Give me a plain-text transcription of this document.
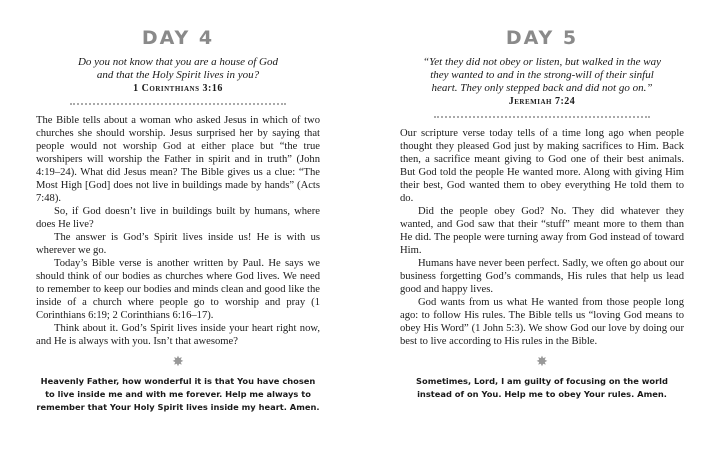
DAY 4
Do you not know that you are a house of God
and that the Holy Spirit lives in you?
1 Corinthians 3:16

The Bible tells about a woman who asked Jesus in which of two churches she should worship. Jesus surprised her by saying that people would not worship God at either place but “the true worshipers will worship the Father in spirit and in truth” (John 4:19–24). What did Jesus mean? The Bible gives us a clue: “The Most High [God] does not live in buildings made by hands” (Acts 7:48).

So, if God doesn’t live in buildings built by humans, where does He live?

The answer is God’s Spirit lives inside us! He is with us wherever we go.

Today’s Bible verse is another written by Paul. He says we should think of our bodies as churches where God lives. We need to remember to keep our bodies and minds clean and good like the inside of a church where people go to worship and pray (1 Corinthians 6:19; 2 Corinthians 6:16–17).

Think about it. God’s Spirit lives inside your heart right now, and He is always with you. Isn’t that awesome?

✸
Heavenly Father, how wonderful it is that You have chosen
to live inside me and with me forever. Help me always to
remember that Your Holy Spirit lives inside my heart. Amen.
DAY 5
“Yet they did not obey or listen, but walked in the way
they wanted to and in the strong-will of their sinful
heart. They only stepped back and did not go on.”
Jeremiah 7:24

Our scripture verse today tells of a time long ago when people thought they pleased God just by making sacrifices to Him. Back then, a sacrifice meant giving to God one of their best animals. But God told the people He wanted more. Along with giving Him their best, God wanted them to obey everything He told them to do.

Did the people obey God? No. They did whatever they wanted, and God saw that their “stuff” meant more to them than He did. The people were turning away from God instead of toward Him.

Humans have never been perfect. Sadly, we often go about our business forgetting God’s commands, His rules that help us lead good and happy lives.

God wants from us what He wanted from those people long ago: to follow His rules. The Bible tells us “loving God means to obey His Word” (1 John 5:3). We show God our love by doing our best to live according to His rules in the Bible.

✸
Sometimes, Lord, I am guilty of focusing on the world
instead of on You. Help me to obey Your rules. Amen.
